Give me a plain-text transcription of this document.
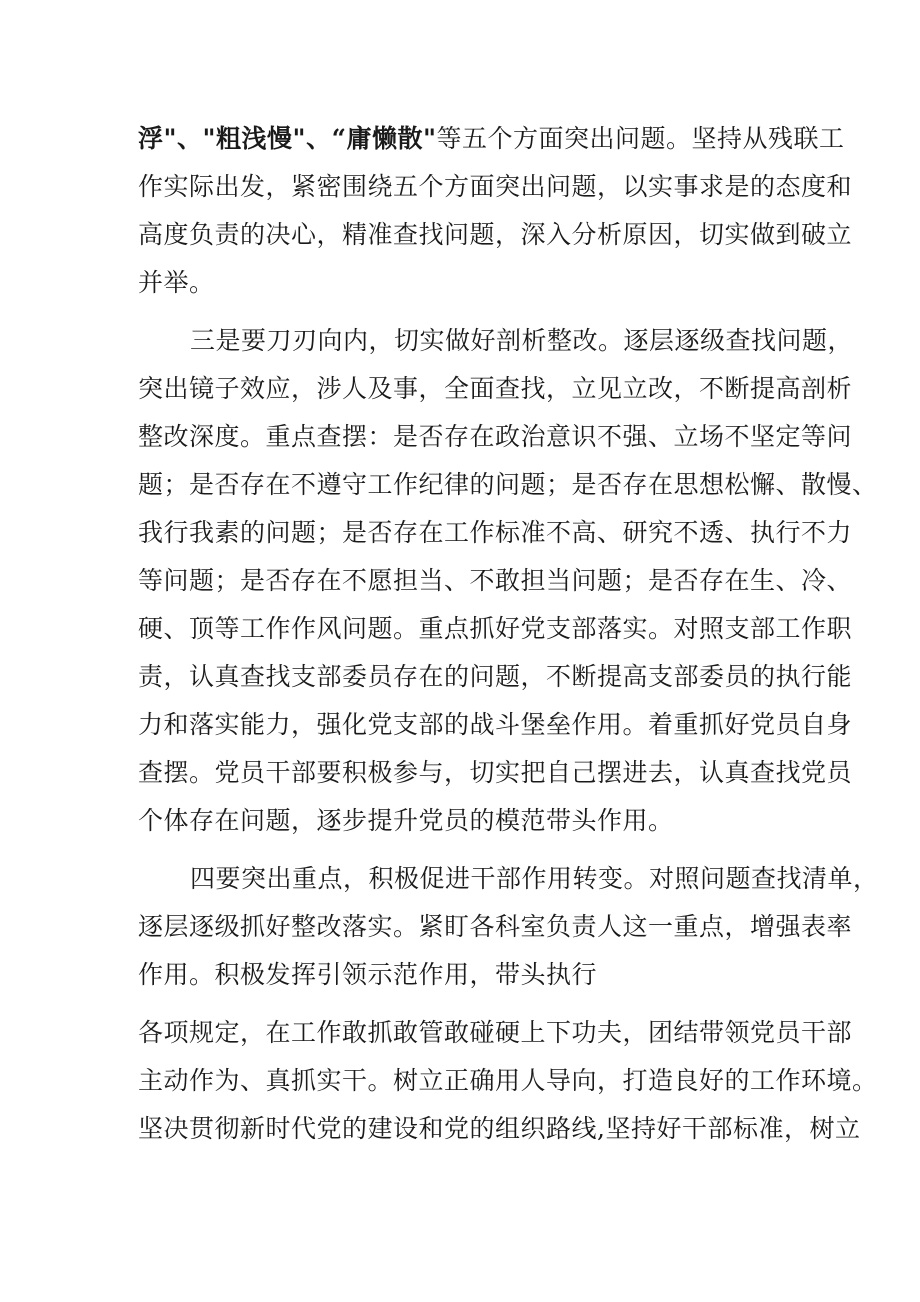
浮"、"粗浅慢"、“庸懒散"等五个方面突出问题。坚持从残联工
作实际出发，紧密围绕五个方面突出问题，以实事求是的态度和
高度负责的决心，精准查找问题，深入分析原因，切实做到破立
并举。

三是要刀刃向内，切实做好剖析整改。逐层逐级查找问题，
突出镜子效应，涉人及事，全面查找，立见立改，不断提高剖析
整改深度。重点查摆：是否存在政治意识不强、立场不坚定等问
题；是否存在不遵守工作纪律的问题；是否存在思想松懈、散慢、
我行我素的问题；是否存在工作标准不高、研究不透、执行不力
等问题；是否存在不愿担当、不敢担当问题；是否存在生、冷、
硬、顶等工作作风问题。重点抓好党支部落实。对照支部工作职
责，认真查找支部委员存在的问题，不断提高支部委员的执行能
力和落实能力，强化党支部的战斗堡垒作用。着重抓好党员自身
查摆。党员干部要积极参与，切实把自己摆进去，认真查找党员
个体存在问题，逐步提升党员的模范带头作用。

四要突出重点，积极促进干部作用转变。对照问题查找清单，
逐层逐级抓好整改落实。紧盯各科室负责人这一重点，增强表率
作用。积极发挥引领示范作用，带头执行

各项规定，在工作敢抓敢管敢碰硬上下功夫，团结带领党员干部
主动作为、真抓实干。树立正确用人导向，打造良好的工作环境。
坚决贯彻新时代党的建设和党的组织路线,坚持好干部标准，树立
